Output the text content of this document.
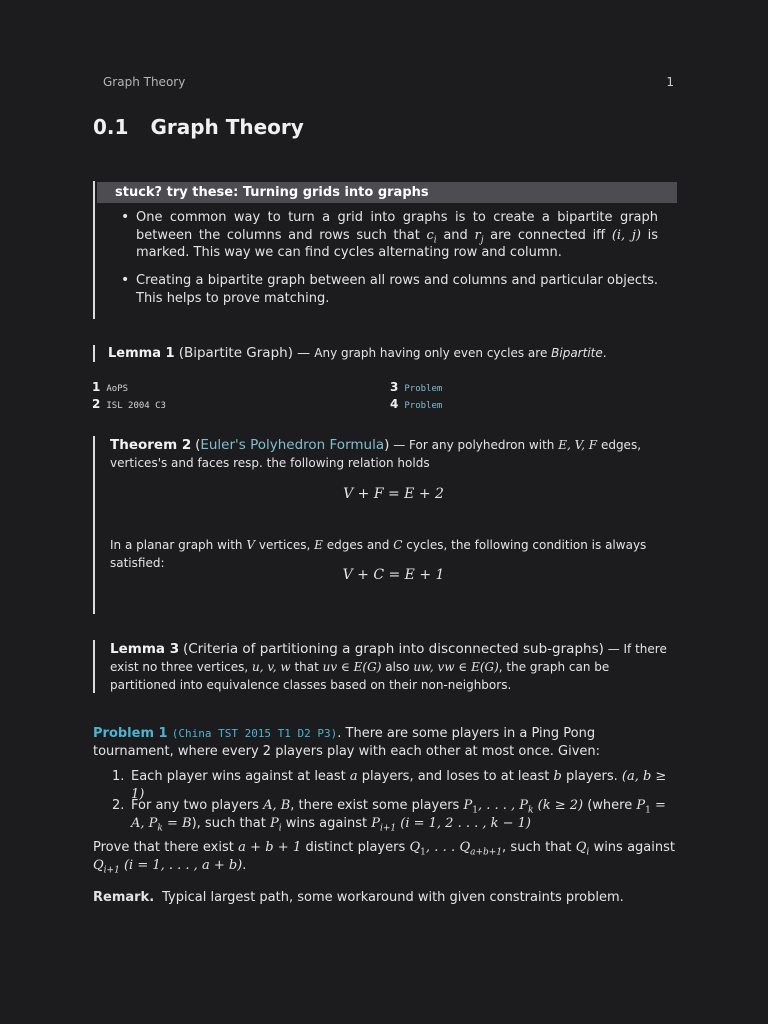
Graph Theory	1
0.1 Graph Theory
stuck? try these: Turning grids into graphs
• One common way to turn a grid into graphs is to create a bipartite graph between the columns and rows such that $c_i$ and $r_j$ are connected iff (i, j) is marked. This way we can find cycles alternating row and column.
• Creating a bipartite graph between all rows and columns and particular objects. This helps to prove matching.
Lemma 1 (Bipartite Graph) — Any graph having only even cycles are Bipartite.
1 AoPS
2 ISL 2004 C3
3 Problem
4 Problem
Theorem 2 (Euler's Polyhedron Formula) — For any polyhedron with E, V, F edges, vertices's and faces resp. the following relation holds
V + F = E + 2
In a planar graph with V vertices, E edges and C cycles, the following condition is always satisfied:
V + C = E + 1
Lemma 3 (Criteria of partitioning a graph into disconnected sub-graphs) — If there exist no three vertices, u, v, w that uv ∈ E(G) also uw, vw ∈ E(G), the graph can be partitioned into equivalence classes based on their non-neighbors.
Problem 1 (China TST 2015 T1 D2 P3). There are some players in a Ping Pong tournament, where every 2 players play with each other at most once. Given:
1. Each player wins against at least a players, and loses to at least b players. (a, b ≥ 1)
2. For any two players A, B, there exist some players $P_1$, . . . , $P_k$ (k ≥ 2) (where $P_1 = A$, $P_k = B$), such that $P_i$ wins against $P_{i+1}$ (i = 1, 2 . . . , k − 1)
Prove that there exist a + b + 1 distinct players $Q_1$, . . . $Q_{a+b+1}$, such that $Q_i$ wins against $Q_{i+1}$ (i = 1, . . . , a + b).
Remark. Typical largest path, some workaround with given constraints problem.
